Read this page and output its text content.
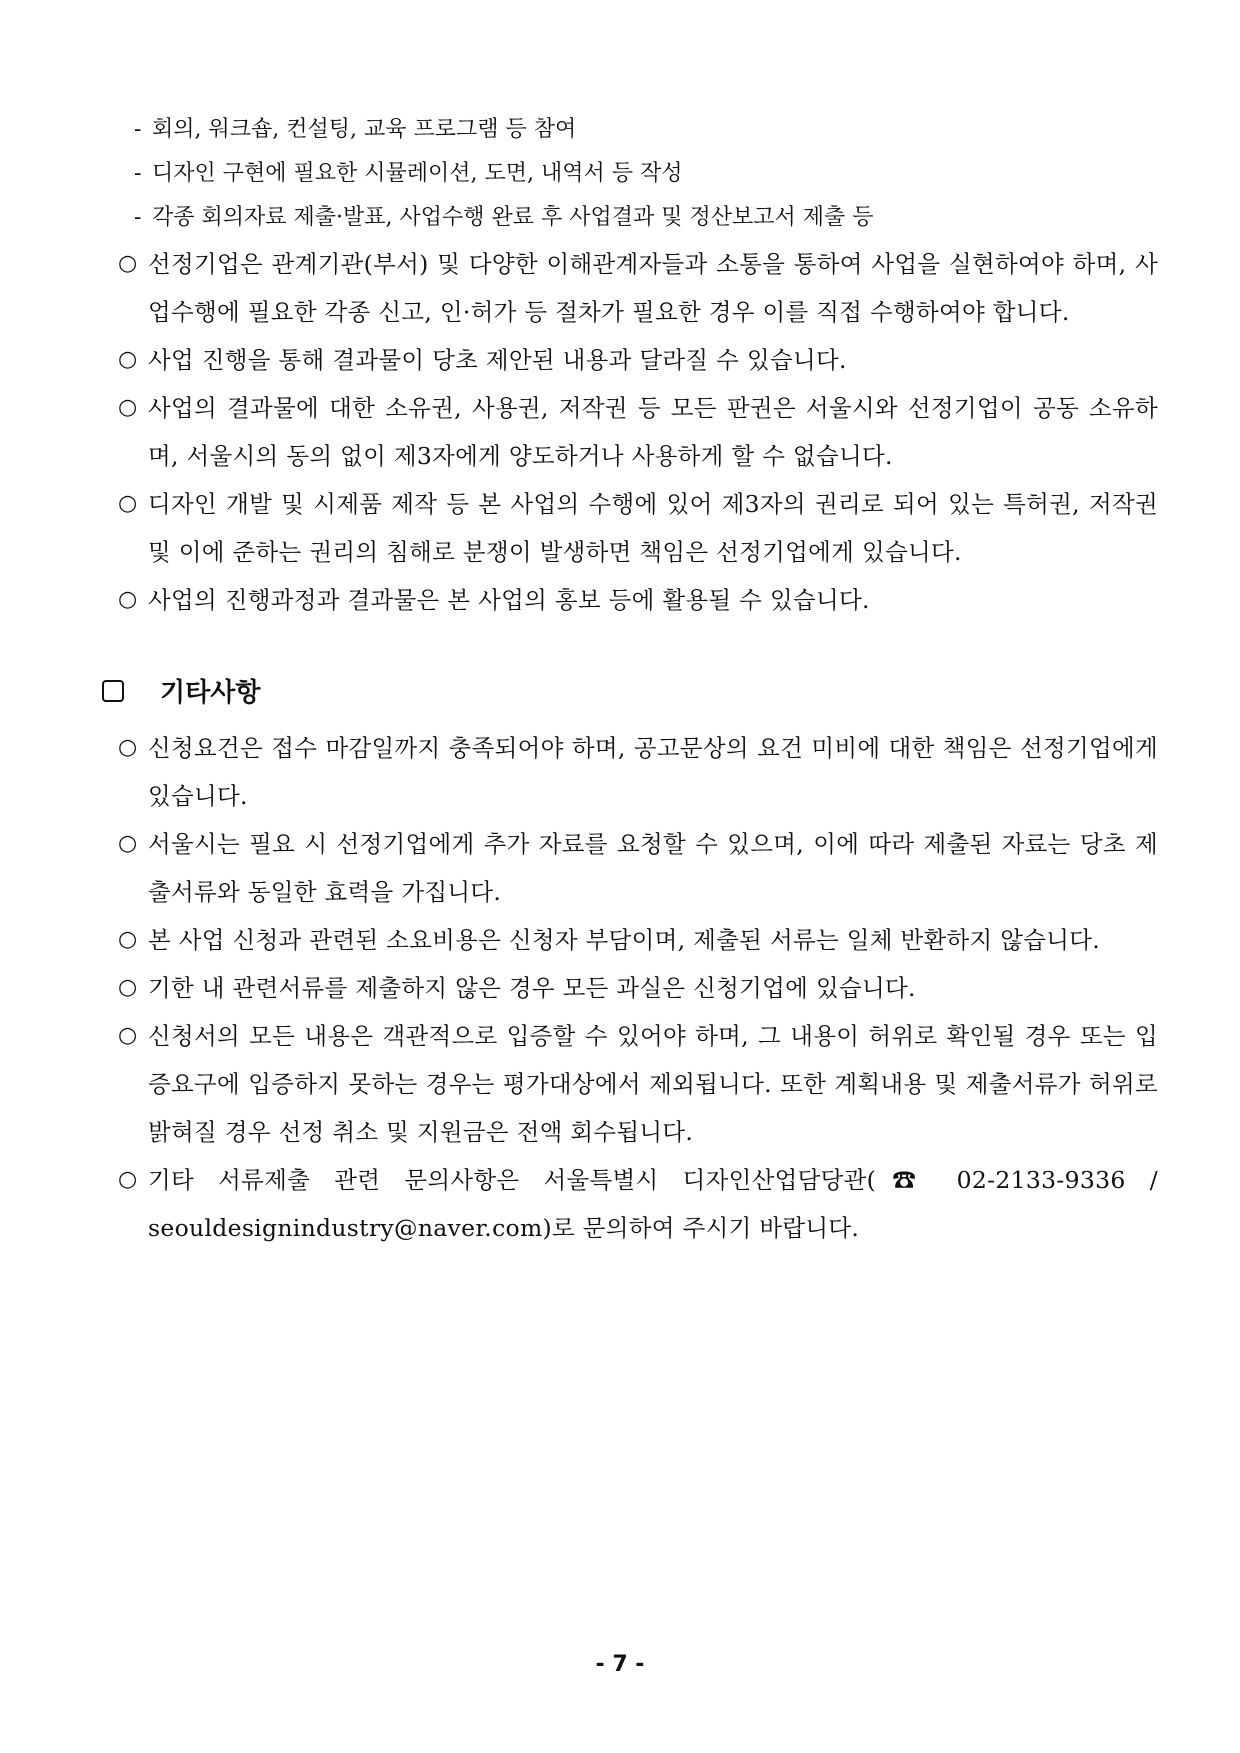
- 회의, 워크숍, 컨설팅, 교육 프로그램 등 참여
- 디자인 구현에 필요한 시뮬레이션, 도면, 내역서 등 작성
- 각종 회의자료 제출·발표, 사업수행 완료 후 사업결과 및 정산보고서 제출 등
○ 선정기업은 관계기관(부서) 및 다양한 이해관계자들과 소통을 통하여 사업을 실현하여야 하며, 사업수행에 필요한 각종 신고, 인·허가 등 절차가 필요한 경우 이를 직접 수행하여야 합니다.
○ 사업 진행을 통해 결과물이 당초 제안된 내용과 달라질 수 있습니다.
○ 사업의 결과물에 대한 소유권, 사용권, 저작권 등 모든 판권은 서울시와 선정기업이 공동 소유하며, 서울시의 동의 없이 제3자에게 양도하거나 사용하게 할 수 없습니다.
○ 디자인 개발 및 시제품 제작 등 본 사업의 수행에 있어 제3자의 권리로 되어 있는 특허권, 저작권 및 이에 준하는 권리의 침해로 분쟁이 발생하면 책임은 선정기업에게 있습니다.
○ 사업의 진행과정과 결과물은 본 사업의 홍보 등에 활용될 수 있습니다.
기타사항
○ 신청요건은 접수 마감일까지 충족되어야 하며, 공고문상의 요건 미비에 대한 책임은 선정기업에게 있습니다.
○ 서울시는 필요 시 선정기업에게 추가 자료를 요청할 수 있으며, 이에 따라 제출된 자료는 당초 제출서류와 동일한 효력을 가집니다.
○ 본 사업 신청과 관련된 소요비용은 신청자 부담이며, 제출된 서류는 일체 반환하지 않습니다.
○ 기한 내 관련서류를 제출하지 않은 경우 모든 과실은 신청기업에 있습니다.
○ 신청서의 모든 내용은 객관적으로 입증할 수 있어야 하며, 그 내용이 허위로 확인될 경우 또는 입증요구에 입증하지 못하는 경우는 평가대상에서 제외됩니다. 또한 계획내용 및 제출서류가 허위로 밝혀질 경우 선정 취소 및 지원금은 전액 회수됩니다.
○ 기타 서류제출 관련 문의사항은 서울특별시 디자인산업담당관(☎ 02-2133-9336 / seouldesignindustry@naver.com)로 문의하여 주시기 바랍니다.
- 7 -
